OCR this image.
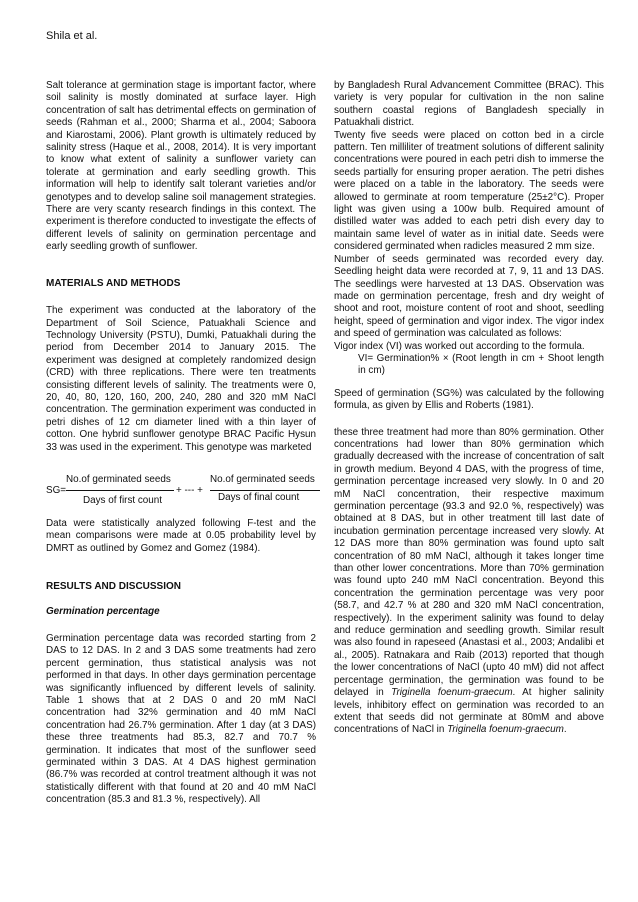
Shila et al.

Salt tolerance at germination stage is important factor, where soil salinity is mostly dominated at surface layer. High concentration of salt has detrimental effects on germination of seeds (Rahman et al., 2000; Sharma et al., 2004; Saboora and Kiarostami, 2006). Plant growth is ultimately reduced by salinity stress (Haque et al., 2008, 2014). It is very important to know what extent of salinity a sunflower variety can tolerate at germination and early seedling growth. This information will help to identify salt tolerant varieties and/or genotypes and to develop saline soil management strategies. There are very scanty research findings in this context. The experiment is therefore conducted to investigate the effects of different levels of salinity on germination percentage and early seedling growth of sunflower.

MATERIALS AND METHODS

The experiment was conducted at the laboratory of the Department of Soil Science, Patuakhali Science and Technology University (PSTU), Dumki, Patuakhali during the period from December 2014 to January 2015. The experiment was designed at completely randomized design (CRD) with three replications. There were ten treatments consisting different levels of salinity. The treatments were 0, 20, 40, 80, 120, 160, 200, 240, 280 and 320 mM NaCl concentration. The germination experiment was conducted in petri dishes of 12 cm diameter lined with a thin layer of cotton. One hybrid sunflower genotype BRAC Pacific Hysun 33 was used in the experiment. This genotype was marketed

No.of germinated seeds
SG=	+ --- +
No.of germinated seeds
Days of first count	Days of final count

Data were statistically analyzed following F-test and the mean comparisons were made at 0.05 probability level by DMRT as outlined by Gomez and Gomez (1984).

RESULTS AND DISCUSSION

Germination percentage

Germination percentage data was recorded starting from 2 DAS to 12 DAS. In 2 and 3 DAS some treatments had zero percent germination, thus statistical analysis was not performed in that days. In other days germination percentage was significantly influenced by different levels of salinity. Table 1 shows that at 2 DAS 0 and 20 mM NaCl concentration had 32% germination and 40 mM NaCl concentration had 26.7% germination. After 1 day (at 3 DAS) these three treatments had 85.3, 82.7 and 70.7 % germination. It indicates that most of the sunflower seed germinated within 3 DAS. At 4 DAS highest germination (86.7% was recorded at control treatment although it was not statistically different with that found at 20 and 40 mM NaCl concentration (85.3 and 81.3 %, respectively). All

by Bangladesh Rural Advancement Committee (BRAC). This variety is very popular for cultivation in the non saline southern coastal regions of Bangladesh specially in Patuakhali district.

Twenty five seeds were placed on cotton bed in a circle pattern. Ten milliliter of treatment solutions of different salinity concentrations were poured in each petri dish to immerse the seeds partially for ensuring proper aeration. The petri dishes were placed on a table in the laboratory. The seeds were allowed to germinate at room temperature (25±2°C). Proper light was given using a 100w bulb. Required amount of distilled water was added to each petri dish every day to maintain same level of water as in initial date. Seeds were considered germinated when radicles measured 2 mm size.

Number of seeds germinated was recorded every day. Seedling height data were recorded at 7, 9, 11 and 13 DAS. The seedlings were harvested at 13 DAS. Observation was made on germination percentage, fresh and dry weight of shoot and root, moisture content of root and shoot, seedling height, speed of germination and vigor index. The vigor index and speed of germination was calculated as follows:

Vigor index (VI) was worked out according to the formula.

VI= Germination% × (Root length in cm + Shoot length in cm)

Speed of germination (SG%) was calculated by the following formula, as given by Ellis and Roberts (1981).

these three treatment had more than 80% germination. Other concentrations had lower than 80% germination which gradually decreased with the increase of concentration of salt in growth medium. Beyond 4 DAS, with the progress of time, germination percentage increased very slowly. In 0 and 20 mM NaCl concentration, their respective maximum germination percentage (93.3 and 92.0 %, respectively) was obtained at 8 DAS, but in other treatment till last date of incubation germination percentage increased very slowly. At 12 DAS more than 80% germination was found upto salt concentration of 80 mM NaCl, although it takes longer time than other lower concentrations. More than 70% germination was found upto 240 mM NaCl concentration. Beyond this concentration the germination percentage was very poor (58.7, and 42.7 % at 280 and 320 mM NaCl concentration, respectively). In the experiment salinity was found to delay and reduce germination and seedling growth. Similar result was also found in rapeseed (Anastasi et al., 2003; Andalibi et al., 2005). Ratnakara and Raib (2013) reported that though the lower concentrations of NaCl (upto 40 mM) did not affect percentage germination, the germination was found to be delayed in Triginella foenum-graecum. At higher salinity levels, inhibitory effect on germination was recorded to an extent that seeds did not germinate at 80mM and above concentrations of NaCl in Triginella foenum-graecum.
